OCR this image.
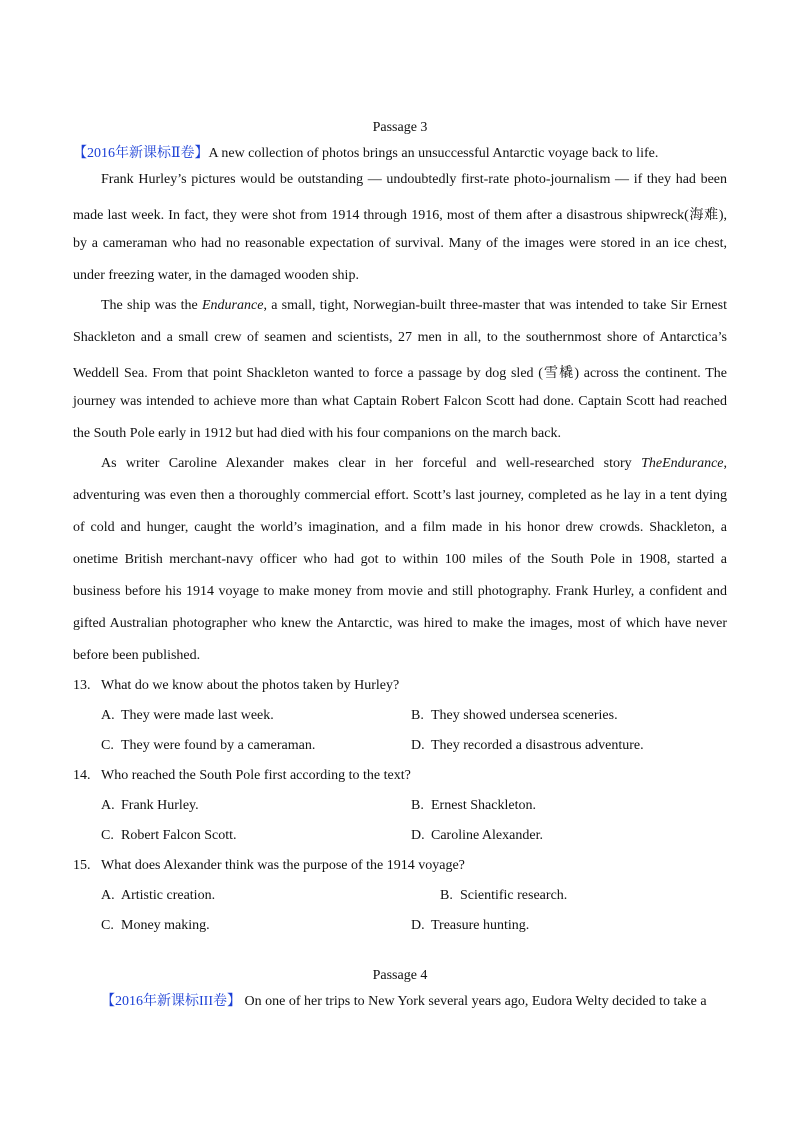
Passage 3
【2016年新课标Ⅱ卷】A new collection of photos brings an unsuccessful Antarctic voyage back to life.
Frank Hurley’s pictures would be outstanding — undoubtedly first-rate photo-journalism — if they had been
made last week. In fact, they were shot from 1914 through 1916, most of them after a disastrous shipwreck(海难),
by a cameraman who had no reasonable expectation of survival. Many of the images were stored in an ice chest,
under freezing water, in the damaged wooden ship.
The ship was the Endurance, a small, tight, Norwegian-built three-master that was intended to take Sir Ernest
Shackleton and a small crew of seamen and scientists, 27 men in all, to the southernmost shore of Antarctica’s
Weddell Sea. From that point Shackleton wanted to force a passage by dog sled (雪橇) across the continent. The
journey was intended to achieve more than what Captain Robert Falcon Scott had done. Captain Scott had reached
the South Pole early in 1912 but had died with his four companions on the march back.
As writer Caroline Alexander makes clear in her forceful and well-researched story TheEndurance,
adventuring was even then a thoroughly commercial effort. Scott’s last journey, completed as he lay in a tent dying
of cold and hunger, caught the world’s imagination, and a film made in his honor drew crowds. Shackleton, a
onetime British merchant-navy officer who had got to within 100 miles of the South Pole in 1908, started a
business before his 1914 voyage to make money from movie and still photography. Frank Hurley, a confident and
gifted Australian photographer who knew the Antarctic, was hired to make the images, most of which have never
before been published.
13. What do we know about the photos taken by Hurley?
A. They were made last week.	B. They showed undersea sceneries.
C. They were found by a cameraman.	D. They recorded a disastrous adventure.
14. Who reached the South Pole first according to the text?
A. Frank Hurley.	B. Ernest Shackleton.
C. Robert Falcon Scott.	D. Caroline Alexander.
15. What does Alexander think was the purpose of the 1914 voyage?
A. Artistic creation.	B. Scientific research.
C. Money making.	D. Treasure hunting.
Passage 4
【2016年新课标III卷】 On one of her trips to New York several years ago, Eudora Welty decided to take a
